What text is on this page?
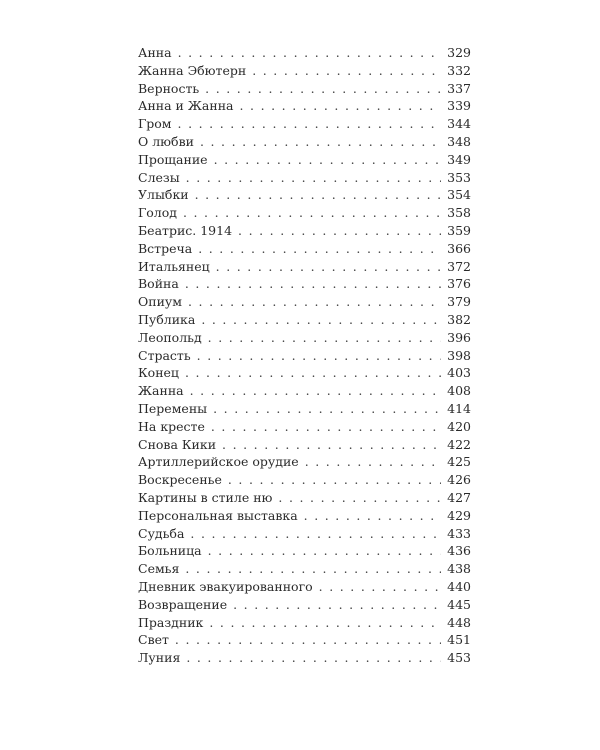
Анна . . .	329
Жанна Эбютерн . . .	332
Верность . . .	337
Анна и Жанна . . .	339
Гром . . .	344
О любви . . .	348
Прощание . . .	349
Слезы . . .	353
Улыбки . . .	354
Голод . . .	358
Беатрис. 1914 . . .	359
Встреча . . .	366
Итальянец . . .	372
Война . . .	376
Опиум . . .	379
Публика . . .	382
Леопольд . . .	396
Страсть . . .	398
Конец . . .	403
Жанна . . .	408
Перемены . . .	414
На кресте . . .	420
Снова Кики . . .	422
Артиллерийское орудие . . .	425
Воскресенье . . .	426
Картины в стиле ню . . .	427
Персональная выставка . . .	429
Судьба . . .	433
Больница . . .	436
Семья . . .	438
Дневник эвакуированного . . .	440
Возвращение . . .	445
Праздник . . .	448
Свет . . .	451
Луния . . .	453
